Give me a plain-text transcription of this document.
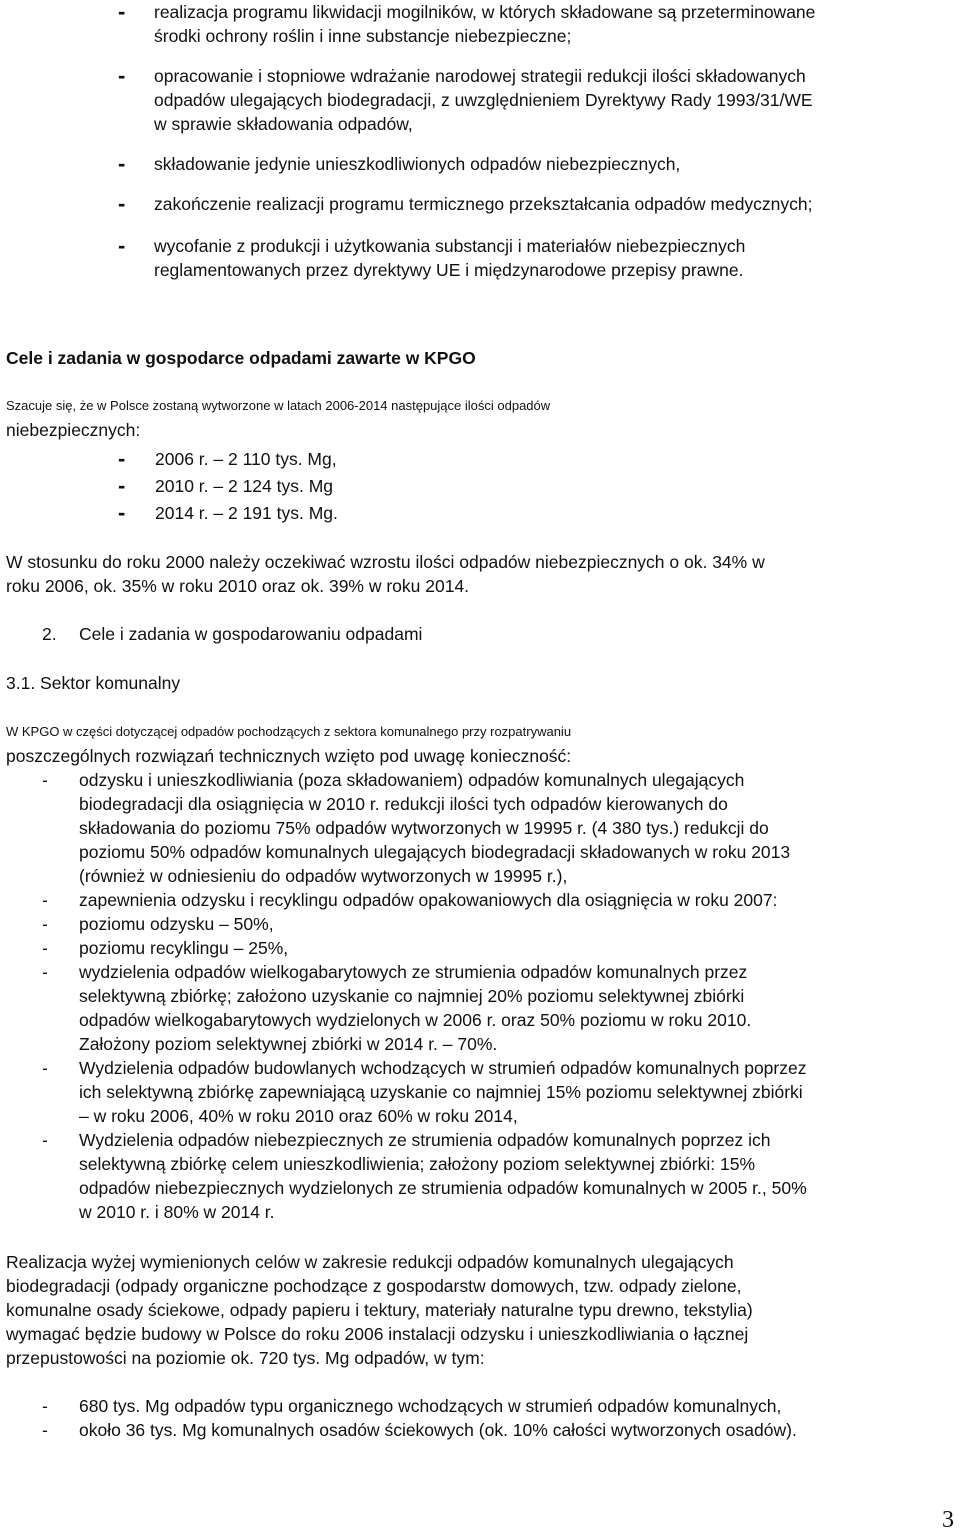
- realizacja programu likwidacji mogilników, w których składowane są przeterminowane
środki ochrony roślin i inne substancje niebezpieczne;
- opracowanie i stopniowe wdrażanie narodowej strategii redukcji ilości składowanych
odpadów ulegających biodegradacji, z uwzględnieniem Dyrektywy Rady 1993/31/WE
w sprawie składowania odpadów,
- składowanie jedynie unieszkodliwionych odpadów niebezpiecznych,
- zakończenie realizacji programu termicznego przekształcania odpadów medycznych;
- wycofanie z produkcji i użytkowania substancji i materiałów niebezpiecznych
reglamentowanych przez dyrektywy UE i międzynarodowe przepisy prawne.
Cele i zadania w gospodarce odpadami zawarte w KPGO
Szacuje się, że w Polsce zostaną wytworzone w latach 2006-2014 następujące ilości odpadów
niebezpiecznych:
- 2006 r. – 2 110 tys. Mg,
- 2010 r. – 2 124 tys. Mg
- 2014 r. – 2 191 tys. Mg.
W stosunku do roku 2000 należy oczekiwać wzrostu ilości odpadów niebezpiecznych o ok. 34% w
roku 2006, ok. 35% w roku 2010 oraz ok. 39% w roku 2014.
2. Cele i zadania w gospodarowaniu odpadami
3.1. Sektor komunalny
W KPGO w części dotyczącej odpadów pochodzących z sektora komunalnego przy rozpatrywaniu
poszczególnych rozwiązań technicznych wzięto pod uwagę konieczność:
- odzysku i unieszkodliwiania (poza składowaniem) odpadów komunalnych ulegających
biodegradacji dla osiągnięcia w 2010 r. redukcji ilości tych odpadów kierowanych do
składowania do poziomu 75% odpadów wytworzonych w 19995 r. (4 380 tys.) redukcji do
poziomu 50% odpadów komunalnych ulegających biodegradacji składowanych w roku 2013
(również w odniesieniu do odpadów wytworzonych w 19995 r.),
- zapewnienia odzysku i recyklingu odpadów opakowaniowych dla osiągnięcia w roku 2007:
- poziomu odzysku – 50%,
- poziomu recyklingu – 25%,
- wydzielenia odpadów wielkogabarytowych ze strumienia odpadów komunalnych przez
selektywną zbiórkę; założono uzyskanie co najmniej 20% poziomu selektywnej zbiórki
odpadów wielkogabarytowych wydzielonych w 2006 r. oraz 50% poziomu w roku 2010.
Założony poziom selektywnej zbiórki w 2014 r. – 70%.
- Wydzielenia odpadów budowlanych wchodzących w strumień odpadów komunalnych poprzez
ich selektywną zbiórkę zapewniającą uzyskanie co najmniej 15% poziomu selektywnej zbiórki
– w roku 2006, 40% w roku 2010 oraz 60% w roku 2014,
- Wydzielenia odpadów niebezpiecznych ze strumienia odpadów komunalnych poprzez ich
selektywną zbiórkę celem unieszkodliwienia; założony poziom selektywnej zbiórki: 15%
odpadów niebezpiecznych wydzielonych ze strumienia odpadów komunalnych w 2005 r., 50%
w 2010 r. i 80% w 2014 r.
Realizacja wyżej wymienionych celów w zakresie redukcji odpadów komunalnych ulegających
biodegradacji (odpady organiczne pochodzące z gospodarstw domowych, tzw. odpady zielone,
komunalne osady ściekowe, odpady papieru i tektury, materiały naturalne typu drewno, tekstylia)
wymagać będzie budowy w Polsce do roku 2006 instalacji odzysku i unieszkodliwiania o łącznej
przepustowości na poziomie ok. 720 tys. Mg odpadów, w tym:
- 680 tys. Mg odpadów typu organicznego wchodzących w strumień odpadów komunalnych,
- około 36 tys. Mg komunalnych osadów ściekowych (ok. 10% całości wytworzonych osadów).
3
